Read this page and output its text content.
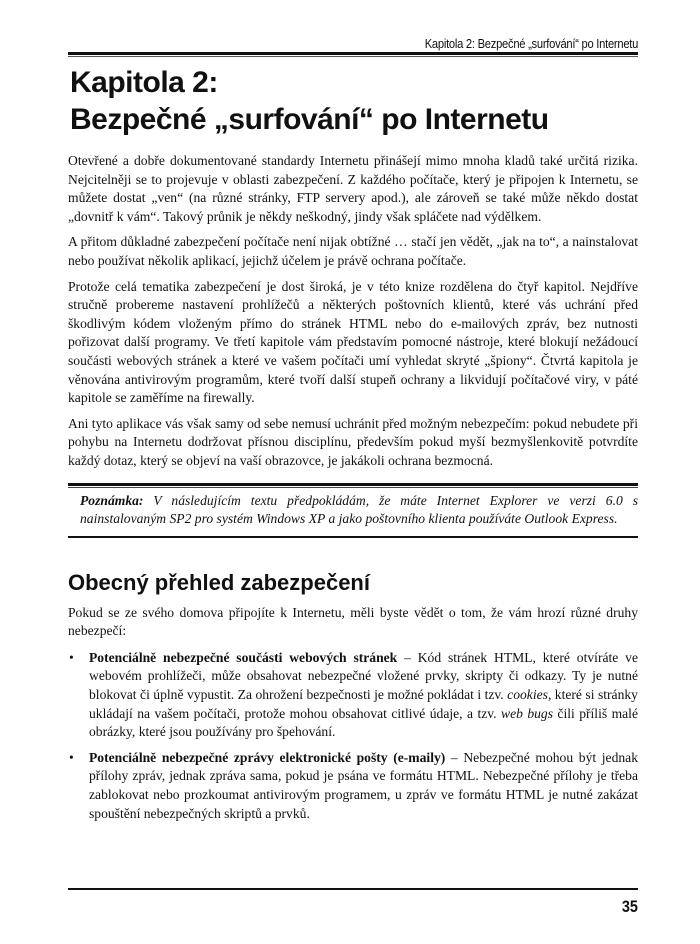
Kapitola 2: Bezpečné „surfování“ po Internetu
Kapitola 2:
Bezpečné „surfování“ po Internetu

Otevřené a dobře dokumentované standardy Internetu přinášejí mimo mnoha kladů také určitá rizika. Nejcitelněji se to projevuje v oblasti zabezpečení. Z každého počítače, který je připojen k Internetu, se můžete dostat „ven“ (na různé stránky, FTP servery apod.), ale zároveň se také může někdo dostat „dovnitř k vám“. Takový průnik je někdy neškodný, jindy však spláčete nad výdělkem.

A přitom důkladné zabezpečení počítače není nijak obtížné … stačí jen vědět, „jak na to“, a nainstalovat nebo používat několik aplikací, jejichž účelem je právě ochrana počítače.

Protože celá tematika zabezpečení je dost široká, je v této knize rozdělena do čtyř kapitol. Nejdříve stručně probereme nastavení prohlížečů a některých poštovních klientů, které vás uchrání před škodlivým kódem vloženým přímo do stránek HTML nebo do e-mailových zpráv, bez nutnosti pořizovat další programy. Ve třetí kapitole vám představím pomocné nástroje, které blokují nežádoucí součásti webových stránek a které ve vašem počítači umí vyhledat skryté „špiony“. Čtvrtá kapitola je věnována antivirovým programům, které tvoří další stupeň ochrany a likvidují počítačové viry, v páté kapitole se zaměříme na firewally.

Ani tyto aplikace vás však samy od sebe nemusí uchránit před možným nebezpečím: pokud nebudete při pohybu na Internetu dodržovat přísnou disciplínu, především pokud myší bezmyšlenkovitě potvrdíte každý dotaz, který se objeví na vaší obrazovce, je jakákoli ochrana bezmocná.

Poznámka: V následujícím textu předpokládám, že máte Internet Explorer ve verzi 6.0 s nainstalovaným SP2 pro systém Windows XP a jako poštovního klienta používáte Outlook Express.

Obecný přehled zabezpečení

Pokud se ze svého domova připojíte k Internetu, měli byste vědět o tom, že vám hrozí různé druhy nebezpečí:

• Potenciálně nebezpečné součásti webových stránek – Kód stránek HTML, které otvíráte ve webovém prohlížeči, může obsahovat nebezpečné vložené prvky, skripty či odkazy. Ty je nutné blokovat či úplně vypustit. Za ohrožení bezpečnosti je možné pokládat i tzv. cookies, které si stránky ukládají na vašem počítači, protože mohou obsahovat citlivé údaje, a tzv. web bugs čili příliš malé obrázky, které jsou používány pro špehování.
• Potenciálně nebezpečné zprávy elektronické pošty (e-maily) – Nebezpečné mohou být jednak přílohy zpráv, jednak zpráva sama, pokud je psána ve formátu HTML. Nebezpečné přílohy je třeba zablokovat nebo prozkoumat antivirovým programem, u zpráv ve formátu HTML je nutné zakázat spouštění nebezpečných skriptů a prvků.
35
